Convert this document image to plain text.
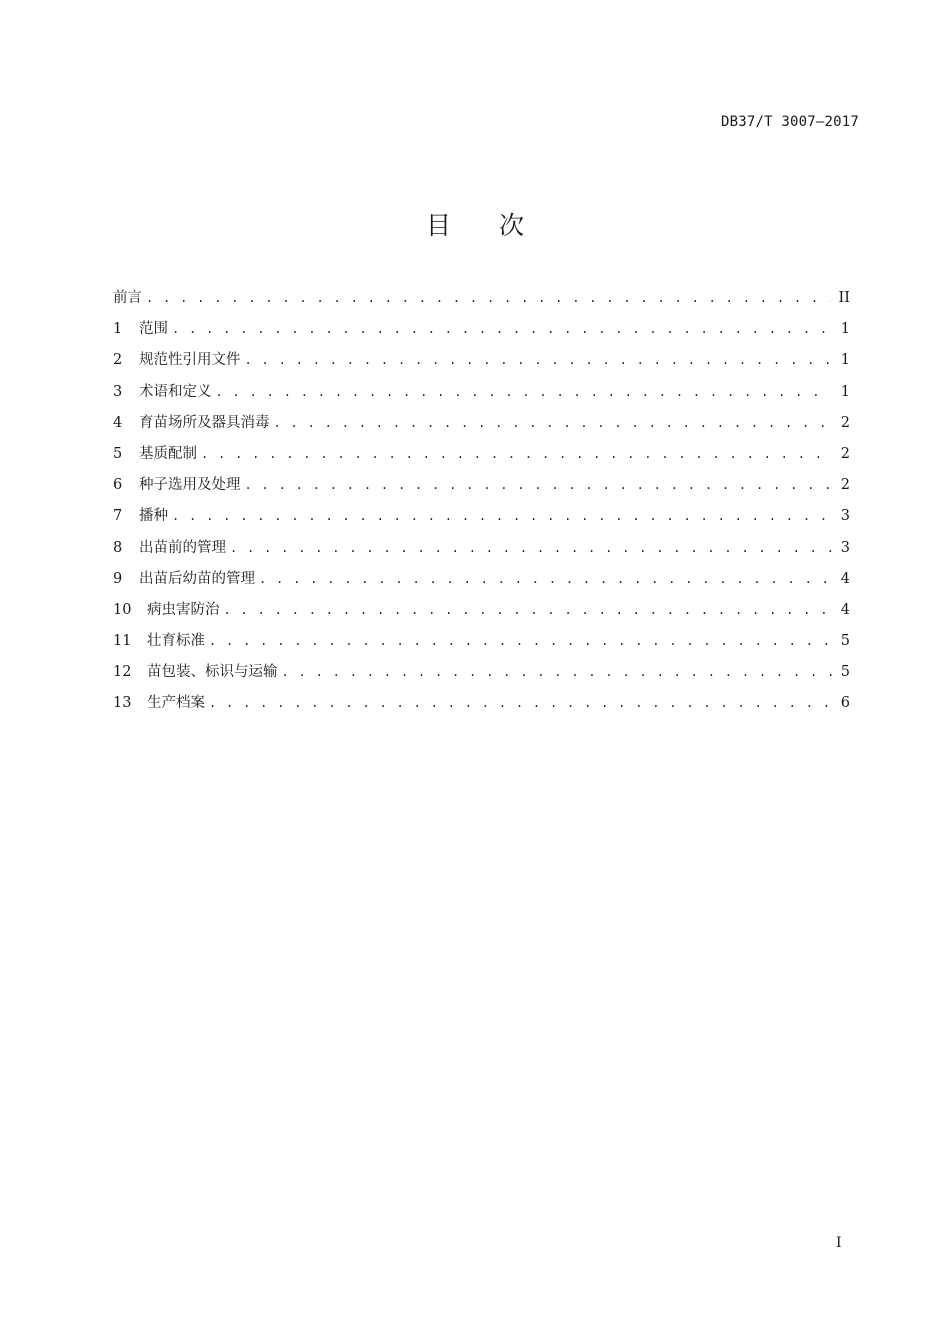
DB37/T 3007—2017
目 次
前言 . . .	II
1	范围 . . .	1
2	规范性引用文件 . . .	1
3	术语和定义 . . .	1
4	育苗场所及器具消毒 . . .	2
5	基质配制 . . .	2
6	种子选用及处理 . . .	2
7	播种 . . .	3
8	出苗前的管理 . . .	3
9	出苗后幼苗的管理 . . .	4
10	病虫害防治 . . .	4
11	壮育标准 . . .	5
12	苗包装、标识与运输 . . .	5
13	生产档案 . . .	6
I
